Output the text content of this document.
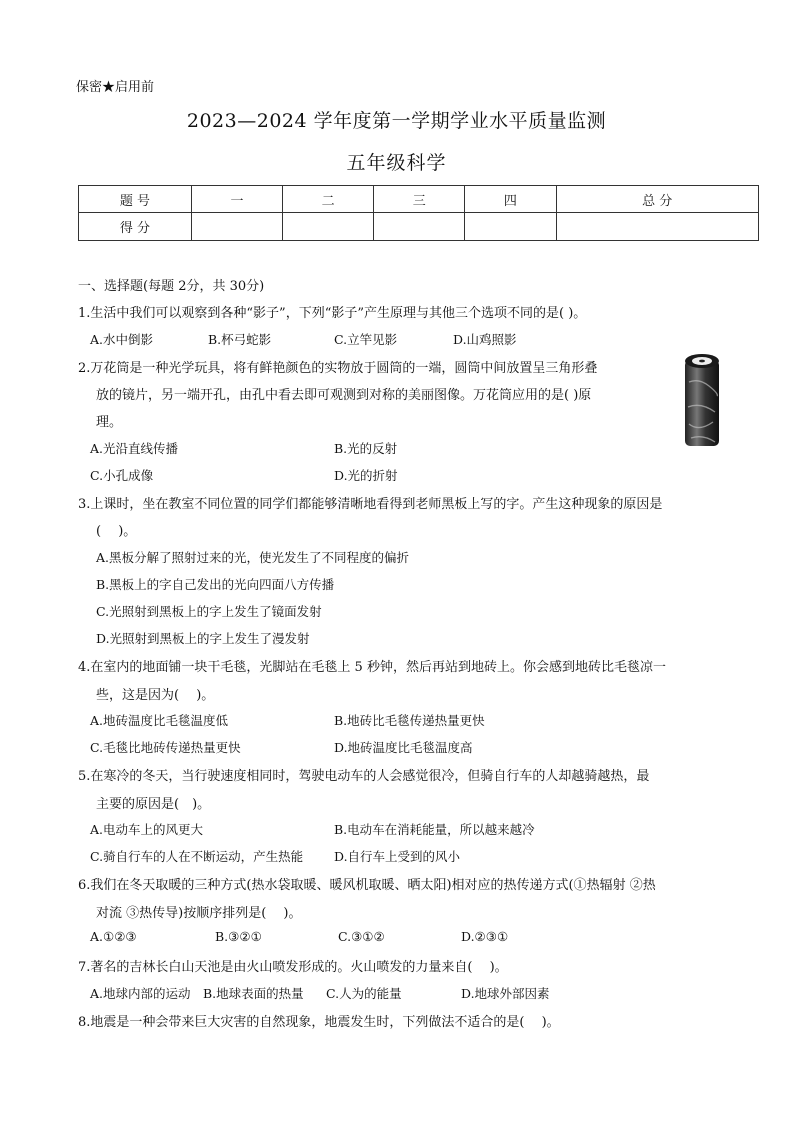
保密★启用前
2023—2024 学年度第一学期学业水平质量监测
五年级科学
题 号	一	二	三	四	总 分
得 分					
一、选择题(每题 2分，共 30分)
1.生活中我们可以观察到各种“影子”，下列“影子”产生原理与其他三个选项不同的是( )。
A.水中倒影	B.杯弓蛇影	C.立竿见影	D.山鸡照影
2.万花筒是一种光学玩具，将有鲜艳颜色的实物放于圆筒的一端，圆筒中间放置呈三角形叠
放的镜片，另一端开孔，由孔中看去即可观测到对称的美丽图像。万花筒应用的是( )原
理。
A.光沿直线传播	B.光的反射
C.小孔成像	D.光的折射
3.上课时，坐在教室不同位置的同学们都能够清晰地看得到老师黑板上写的字。产生这种现象的原因是
(　 )。
A.黑板分解了照射过来的光，使光发生了不同程度的偏折
B.黑板上的字自己发出的光向四面八方传播
C.光照射到黑板上的字上发生了镜面发射
D.光照射到黑板上的字上发生了漫发射
4.在室内的地面铺一块干毛毯，光脚站在毛毯上 5 秒钟，然后再站到地砖上。你会感到地砖比毛毯凉一
些，这是因为(　 )。
A.地砖温度比毛毯温度低	B.地砖比毛毯传递热量更快
C.毛毯比地砖传递热量更快	D.地砖温度比毛毯温度高
5.在寒冷的冬天，当行驶速度相同时，驾驶电动车的人会感觉很冷，但骑自行车的人却越骑越热，最
主要的原因是(　)。
A.电动车上的风更大	B.电动车在消耗能量，所以越来越冷
C.骑自行车的人在不断运动，产生热能 D.自行车上受到的风小
6.我们在冬天取暖的三种方式(热水袋取暖、暖风机取暖、晒太阳)相对应的热传递方式(①热辐射 ②热
对流 ③热传导)按顺序排列是(　 )。
A.①②③	B.③②①	C.③①②	D.②③①
7.著名的吉林长白山天池是由火山喷发形成的。火山喷发的力量来自(　 )。
A.地球内部的运动 B.地球表面的热量 C.人为的能量	D.地球外部因素
8.地震是一种会带来巨大灾害的自然现象，地震发生时，下列做法不适合的是(　 )。
